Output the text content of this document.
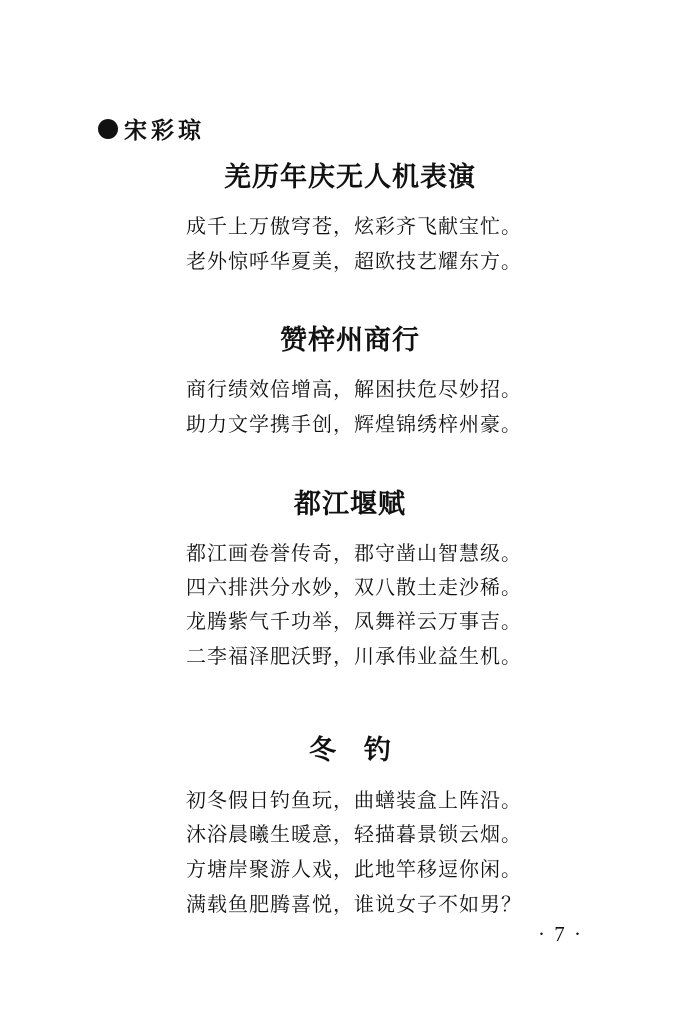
宋彩琼
羌历年庆无人机表演
成千上万傲穹苍，炫彩齐飞献宝忙。
老外惊呼华夏美，超欧技艺耀东方。
赞梓州商行
商行绩效倍增高，解困扶危尽妙招。
助力文学携手创，辉煌锦绣梓州豪。
都江堰赋
都江画卷誉传奇，郡守凿山智慧级。
四六排洪分水妙，双八散土走沙稀。
龙腾紫气千功举，凤舞祥云万事吉。
二李福泽肥沃野，川承伟业益生机。
冬钓
初冬假日钓鱼玩，曲蟮装盒上阵沿。
沐浴晨曦生暖意，轻描暮景锁云烟。
方塘岸聚游人戏，此地竿移逗你闲。
满载鱼肥腾喜悦，谁说女子不如男？
· 7 ·
